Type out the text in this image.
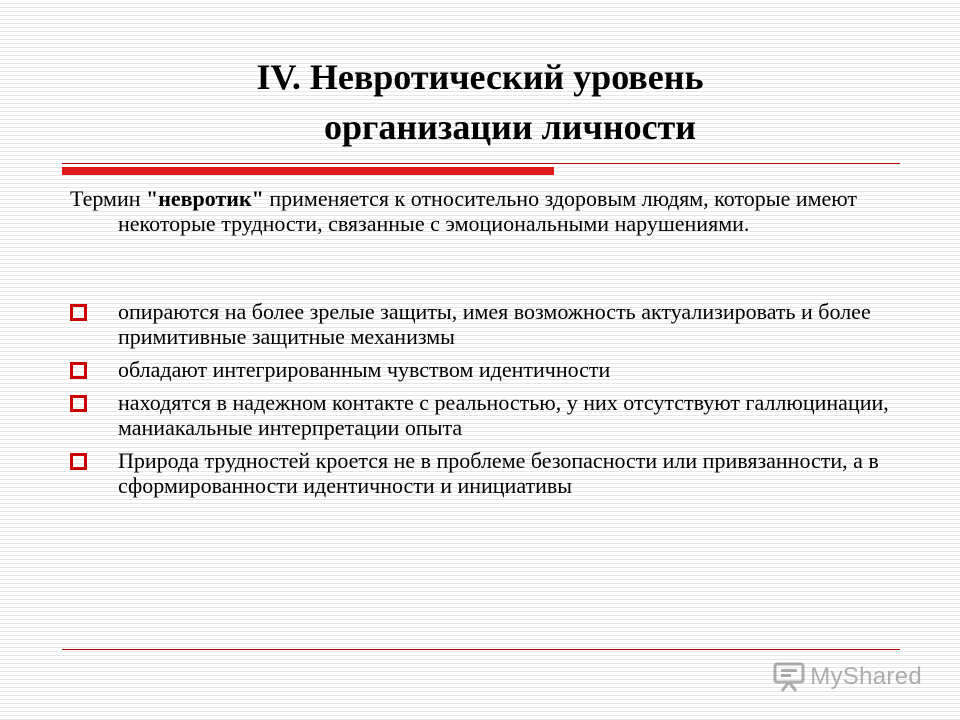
IV. Невротический уровень
организации личности

Термин "невротик" применяется к относительно здоровым людям, которые имеют некоторые трудности, связанные с эмоциональными нарушениями.

опираются на более зрелые защиты, имея возможность актуализировать и более примитивные защитные механизмы
обладают интегрированным чувством идентичности
находятся в надежном контакте с реальностью, у них отсутствуют галлюцинации, маниакальные интерпретации опыта
Природа трудностей кроется не в проблеме безопасности или привязанности, а в сформированности идентичности и инициативы
MyShared
